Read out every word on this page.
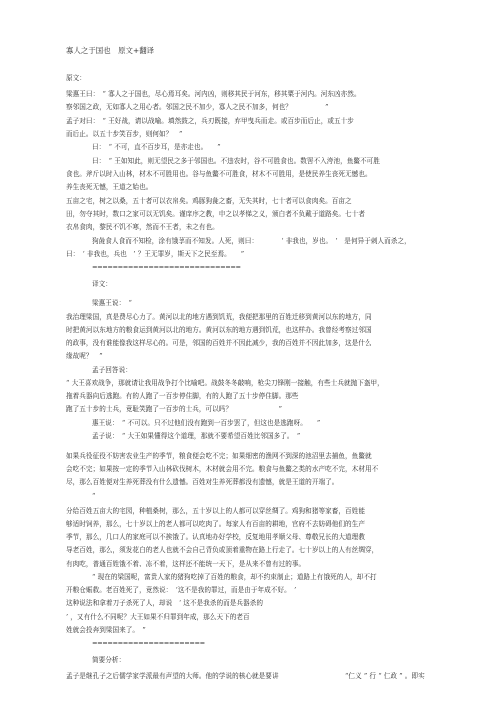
寡人之于国也　原文+翻译
原文：
梁惠王曰：　“ 寡人之于国也，尽心焉耳矣。河内凶，则移其民于河东，移其粟于河内。河东凶亦然。
察邻国之政，无如寡人之用心者。邻国之民不加少，寡人之民不加多，何也？　　　　　”
孟子对曰：　“ 王好战，请以战喻。填然鼓之，兵刃既接，弃甲曳兵而走。或百步而后止，或五十步
而后止。以五十步笑百步，则何如？　”
曰：　“ 不可，直不百步耳，是亦走也。　　”
曰：　“ 王如知此，则无望民之多于邻国也。不违农时，谷不可胜食也。数罟不入洿池，鱼鳖不可胜
食也。斧斤以时入山林，材木不可胜用也。谷与鱼鳖不可胜食，材木不可胜用，是使民养生丧死无憾也。
养生丧死无憾，王道之始也。
五亩之宅，树之以桑，五十者可以衣帛矣。鸡豚狗彘之畜，无失其时，七十者可以食肉矣。百亩之
田，勿夺其时，数口之家可以无饥矣。谨庠序之教，申之以孝悌之义，颁白者不负戴于道路矣。七十者
衣帛食肉，黎民不饥不寒，然而不王者，未之有也。
狗彘食人食而不知检，涂有饿莩而不知发。人死，则曰：　　　　‘ 非我也，岁也。　’　是何异于刺人而杀之，
曰：　‘ 非我也，兵也　’ ？王无罪岁，斯天下之民至焉。　　”
=============================
译文：
梁惠王说：　“
我治理梁国，真是费尽心力了。黄河以北的地方遇到饥荒，我便把那里的百姓迁移到黄河以东的地方，同
时把黄河以东地方的粮食运到黄河以北的地方。黄河以东的地方遇到饥荒，也这样办。我曾经考察过邻国
的政事，没有谁能像我这样尽心的。可是，邻国的百姓并不因此减少，我的百姓并不因此加多，这是什么
缘故呢？　”
孟子回答说：
“ 大王喜欢战争，那就请让我用战争打个比喻吧。战鼓冬冬敲响，枪尖刀锋刚一接触，有些士兵就抛下盔甲，
拖着兵器向后逃跑。有的人跑了一百步停住脚，有的人跑了五十步停住脚。那些
跑了五十步的士兵，竟耻笑跑了一百步的士兵，可以吗？　　　　　　　”
惠王说：　“ 不可以。只不过他们没有跑到一百步罢了，但这也是逃跑呀。　　”
孟子说：　“ 大王如果懂得这个道理，那就不要希望百姓比邻国多了。　”
如果兵役征役不妨害农业生产的季节，粮食便会吃不完；如果细密的渔网不到深的池沼里去捕鱼，鱼鳖就
会吃不完；如果按一定的季节入山林砍伐树木，木材就会用不完。粮食与鱼鳖之类的水产吃不完，木材用不
尽，那么百姓便对生养死葬没有什么遗憾。百姓对生养死葬都没有遗憾，就是王道的开端了。
“
分给百姓五亩大的宅园，种植桑树，那么，五十岁以上的人都可以穿丝绸了。鸡狗和猪等家畜，百姓能
够适时饲养，那么，七十岁以上的老人都可以吃肉了。每家人有百亩的耕地，官府不去妨碍他们的生产
季节，那么，几口人的家庭可以不挨饿了。认真地办好学校，反复地用孝顺父母、尊敬兄长的大道理教
导老百姓，那么，须发花白的老人也就不会自己背负或顶着重物在路上行走了。七十岁以上的人有丝绸穿，
有肉吃，普通百姓饿不着、冻不着，这样还不能统一天下，是从来不曾有过的事。
“ 现在的梁国呢，富贵人家的猪狗吃掉了百姓的粮食，却不约束制止；道路上有饿死的人，却不打
开粮仓赈救。老百姓死了，竟然说：　‘这不是我的罪过，而是由于年成不好。　’
这种说法和拿着刀子杀死了人，却说　‘ 这不是我杀的而是兵器杀的
’ ，又有什么不同呢？大王如果不归罪到年成，那么天下的老百
姓就会投奔到梁国来了。　”
======================
简要分析：
孟子是继孔子之后儒学家学派最有声望的大师。他的学说的核心就是要讲	“仁义 ” 行 “ 仁政 ” 。即实
